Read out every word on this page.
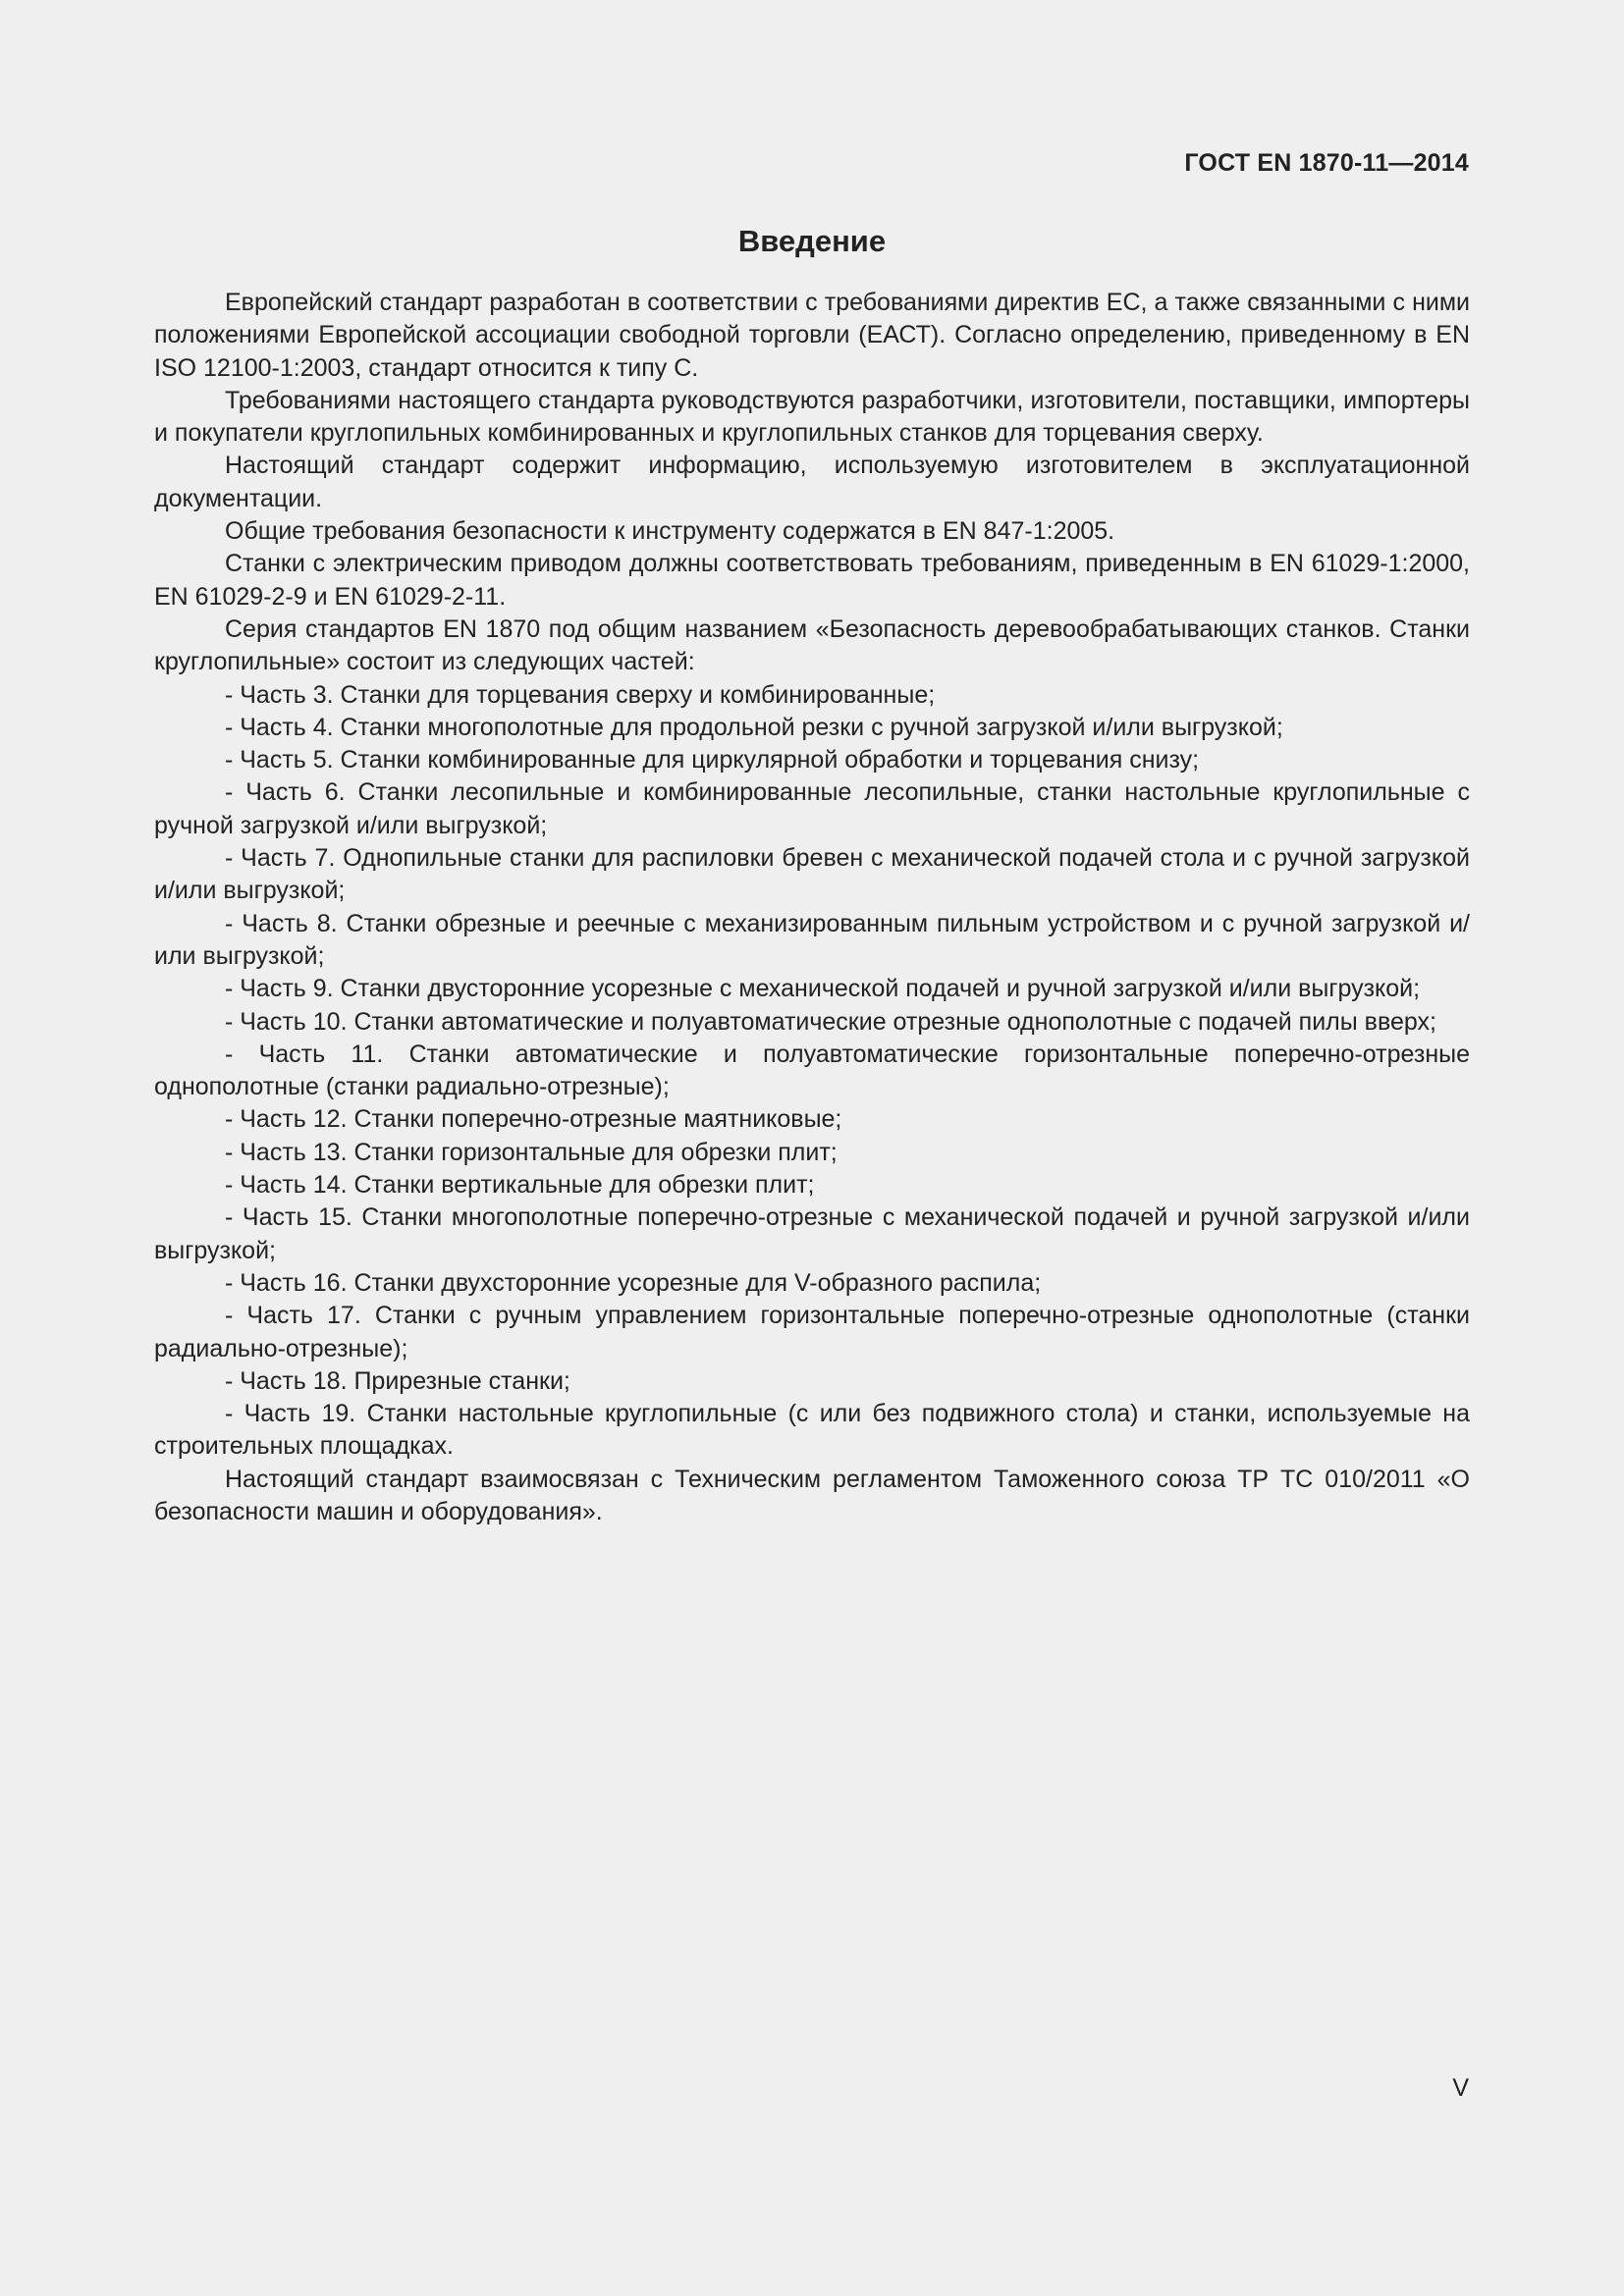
ГОСТ EN 1870-11—2014
Введение

Европейский стандарт разработан в соответствии с требованиями директив ЕС, а также связанными с ними положениями Европейской ассоциации свободной торговли (ЕАСТ). Согласно определению, приведенному в EN ISO 12100-1:2003, стандарт относится к типу С.

Требованиями настоящего стандарта руководствуются разработчики, изготовители, поставщики, импортеры и покупатели круглопильных комбинированных и круглопильных станков для торцевания сверху.

Настоящий стандарт содержит информацию, используемую изготовителем в эксплуатационной документации.

Общие требования безопасности к инструменту содержатся в EN 847-1:2005.

Станки с электрическим приводом должны соответствовать требованиям, приведенным в EN 61029-1:2000, EN 61029-2-9 и EN 61029-2-11.

Серия стандартов EN 1870 под общим названием «Безопасность деревообрабатывающих станков. Станки круглопильные» состоит из следующих частей:

- Часть 3. Станки для торцевания сверху и комбинированные;

- Часть 4. Станки многополотные для продольной резки с ручной загрузкой и/или выгрузкой;

- Часть 5. Станки комбинированные для циркулярной обработки и торцевания снизу;

- Часть 6. Станки лесопильные и комбинированные лесопильные, станки настольные круглопильные с ручной загрузкой и/или выгрузкой;

- Часть 7. Однопильные станки для распиловки бревен с механической подачей стола и с ручной загрузкой и/или выгрузкой;

- Часть 8. Станки обрезные и реечные с механизированным пильным устройством и с ручной загрузкой и/или выгрузкой;

- Часть 9. Станки двусторонние усорезные с механической подачей и ручной загрузкой и/или выгрузкой;

- Часть 10. Станки автоматические и полуавтоматические отрезные однополотные с подачей пилы вверх;

- Часть 11. Станки автоматические и полуавтоматические горизонтальные поперечно-отрезные однополотные (станки радиально-отрезные);

- Часть 12. Станки поперечно-отрезные маятниковые;

- Часть 13. Станки горизонтальные для обрезки плит;

- Часть 14. Станки вертикальные для обрезки плит;

- Часть 15. Станки многополотные поперечно-отрезные с механической подачей и ручной загрузкой и/или выгрузкой;

- Часть 16. Станки двухсторонние усорезные для V-образного распила;

- Часть 17. Станки с ручным управлением горизонтальные поперечно-отрезные однополотные (станки радиально-отрезные);

- Часть 18. Прирезные станки;

- Часть 19. Станки настольные круглопильные (с или без подвижного стола) и станки, используемые на строительных площадках.

Настоящий стандарт взаимосвязан с Техническим регламентом Таможенного союза ТР ТС 010/2011 «О безопасности машин и оборудования».

V
